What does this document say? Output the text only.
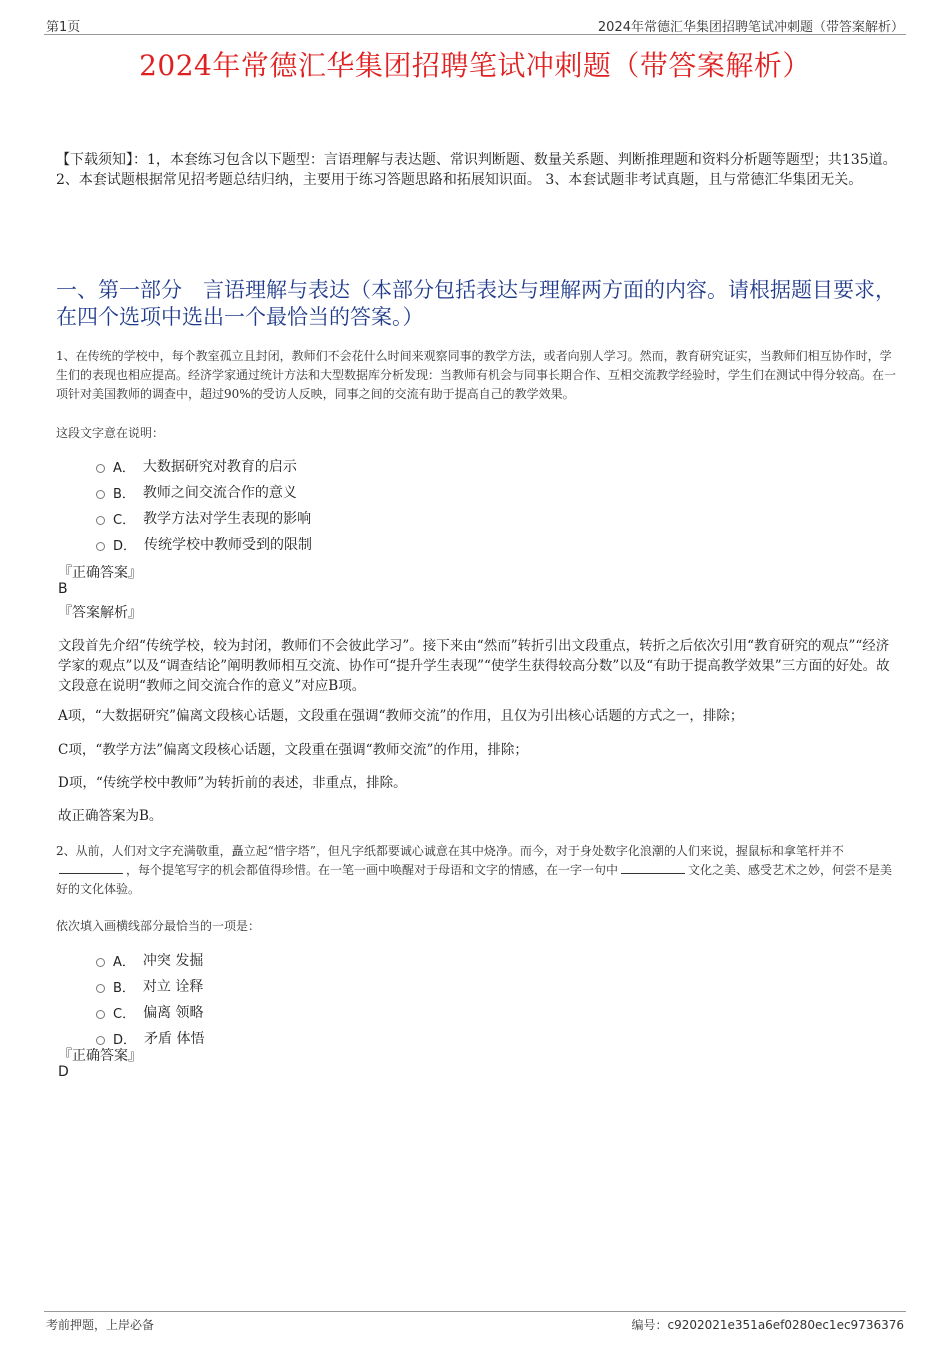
第1页	2024年常德汇华集团招聘笔试冲刺题（带答案解析）
2024年常德汇华集团招聘笔试冲刺题（带答案解析）
【下载须知】：1，本套练习包含以下题型：言语理解与表达题、常识判断题、数量关系题、判断推理题和资料分析题等题型；共135道。 2、本套试题根据常见招考题总结归纳，主要用于练习答题思路和拓展知识面。 3、本套试题非考试真题，且与常德汇华集团无关。
一、第一部分　言语理解与表达（本部分包括表达与理解两方面的内容。请根据题目要求，在四个选项中选出一个最恰当的答案。）
1、在传统的学校中，每个教室孤立且封闭，教师们不会花什么时间来观察同事的教学方法，或者向别人学习。然而，教育研究证实，当教师们相互协作时，学生们的表现也相应提高。经济学家通过统计方法和大型数据库分析发现：当教师有机会与同事长期合作、互相交流教学经验时，学生们在测试中得分较高。在一项针对美国教师的调查中，超过90%的受访人反映，同事之间的交流有助于提高自己的教学效果。
这段文字意在说明：
A． 大数据研究对教育的启示
B． 教师之间交流合作的意义
C． 教学方法对学生表现的影响
D． 传统学校中教师受到的限制
『正确答案』
B
『答案解析』
文段首先介绍“传统学校，较为封闭，教师们不会彼此学习”。接下来由“然而”转折引出文段重点，转折之后依次引用“教育研究的观点”“经济学家的观点”以及“调查结论”阐明教师相互交流、协作可“提升学生表现”“使学生获得较高分数”以及“有助于提高教学效果”三方面的好处。故文段意在说明“教师之间交流合作的意义”对应B项。
A项，“大数据研究”偏离文段核心话题，文段重在强调“教师交流”的作用，且仅为引出核心话题的方式之一，排除；
C项，“教学方法”偏离文段核心话题，文段重在强调“教师交流”的作用，排除；
D项，“传统学校中教师”为转折前的表述，非重点，排除。
故正确答案为B。
2、从前，人们对文字充满敬重，矗立起“惜字塔”，但凡字纸都要诚心诚意在其中烧净。而今，对于身处数字化浪潮的人们来说，握鼠标和拿笔杆并不，每个提笔写字的机会都值得珍惜。在一笔一画中唤醒对于母语和文字的情感，在一字一句中	文化之美、感受艺术之妙，何尝不是美好的文化体验。
依次填入画横线部分最恰当的一项是：
A． 冲突 发掘
B． 对立 诠释
C． 偏离 领略
D． 矛盾 体悟
『正确答案』
D
考前押题，上岸必备	编号：c9202021e351a6ef0280ec1ec9736376
